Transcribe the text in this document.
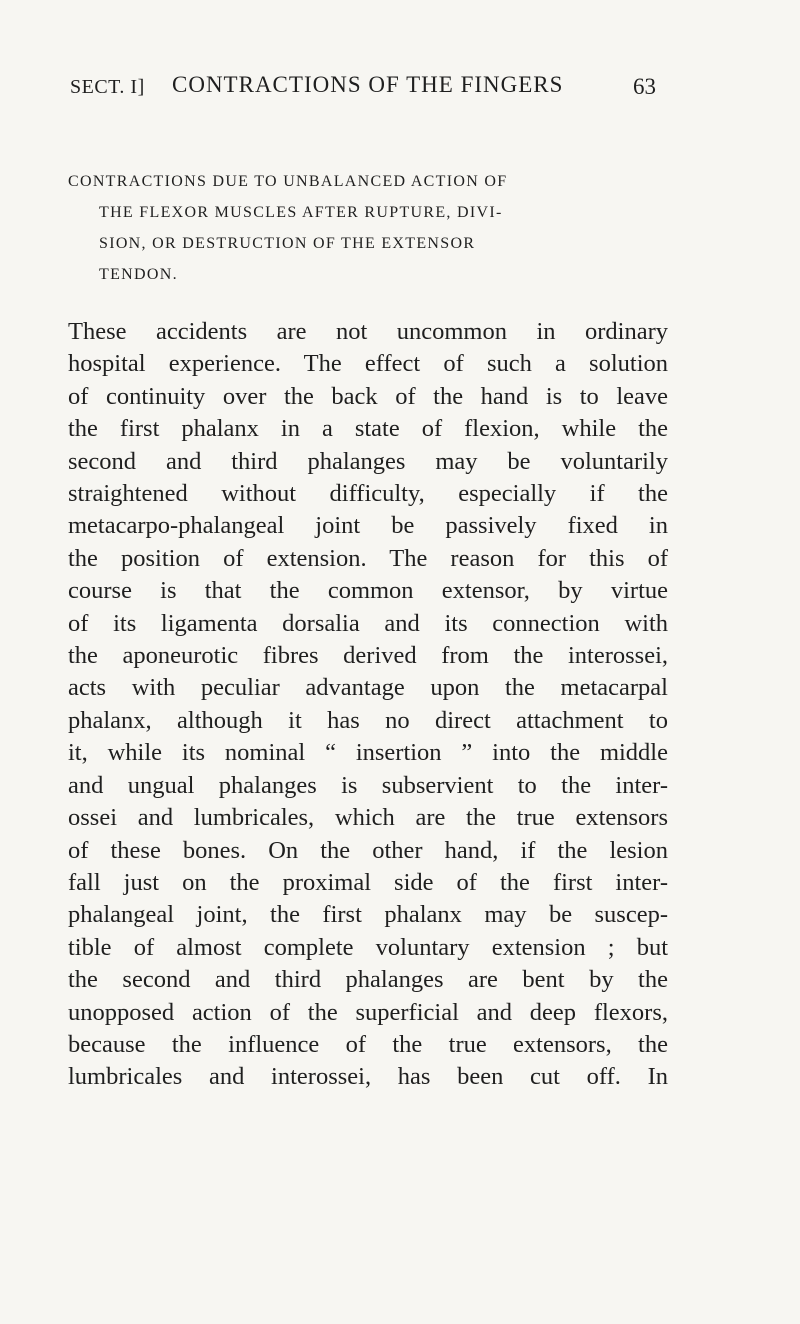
SECT. I] CONTRACTIONS OF THE FINGERS	63
CONTRACTIONS DUE TO UNBALANCED ACTION OF
THE FLEXOR MUSCLES AFTER RUPTURE, DIVI-
SION, OR DESTRUCTION OF THE EXTENSOR
TENDON.
These accidents are not uncommon in ordinary
hospital experience. The effect of such a solution
of continuity over the back of the hand is to leave
the first phalanx in a state of flexion, while the
second and third phalanges may be voluntarily
straightened without difficulty, especially if the
metacarpo-phalangeal joint be passively fixed in
the position of extension. The reason for this of
course is that the common extensor, by virtue
of its ligamenta dorsalia and its connection with
the aponeurotic fibres derived from the interossei,
acts with peculiar advantage upon the metacarpal
phalanx, although it has no direct attachment to
it, while its nominal “ insertion ” into the middle
and ungual phalanges is subservient to the inter-
ossei and lumbricales, which are the true extensors
of these bones. On the other hand, if the lesion
fall just on the proximal side of the first inter-
phalangeal joint, the first phalanx may be suscep-
tible of almost complete voluntary extension ; but
the second and third phalanges are bent by the
unopposed action of the superficial and deep flexors,
because the influence of the true extensors, the
lumbricales and interossei, has been cut off. In
